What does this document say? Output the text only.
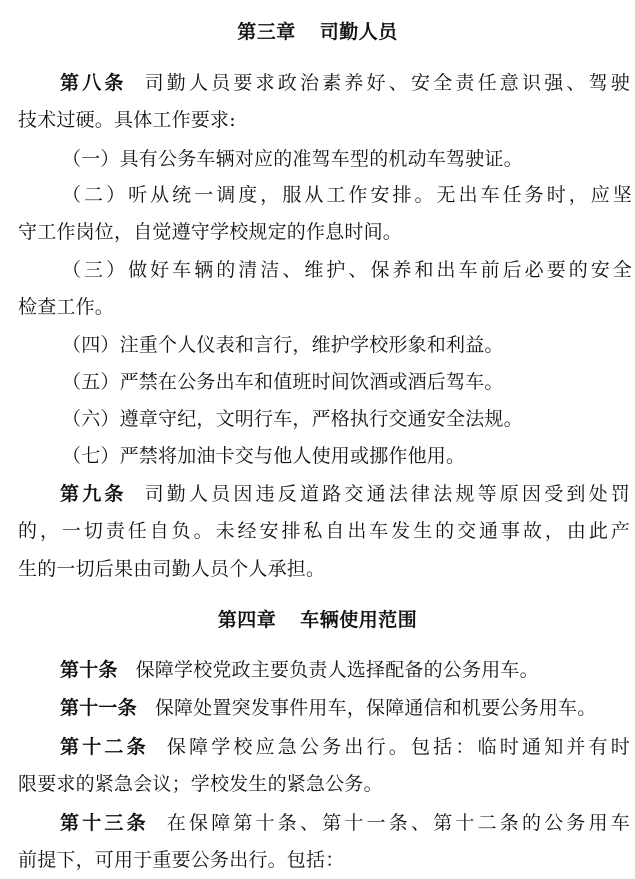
第三章 司勤人员
第八条 司勤人员要求政治素养好、安全责任意识强、驾驶
技术过硬。具体工作要求:
（一）具有公务车辆对应的准驾车型的机动车驾驶证。
（二）听从统一调度，服从工作安排。无出车任务时，应坚
守工作岗位，自觉遵守学校规定的作息时间。
（三）做好车辆的清洁、维护、保养和出车前后必要的安全
检查工作。
（四）注重个人仪表和言行，维护学校形象和利益。
（五）严禁在公务出车和值班时间饮酒或酒后驾车。
（六）遵章守纪，文明行车，严格执行交通安全法规。
（七）严禁将加油卡交与他人使用或挪作他用。
第九条 司勤人员因违反道路交通法律法规等原因受到处罚
的，一切责任自负。未经安排私自出车发生的交通事故，由此产
生的一切后果由司勤人员个人承担。
第四章 车辆使用范围
第十条 保障学校党政主要负责人选择配备的公务用车。
第十一条 保障处置突发事件用车，保障通信和机要公务用车。
第十二条 保障学校应急公务出行。包括：临时通知并有时
限要求的紧急会议；学校发生的紧急公务。
第十三条 在保障第十条、第十一条、第十二条的公务用车
前提下，可用于重要公务出行。包括：
